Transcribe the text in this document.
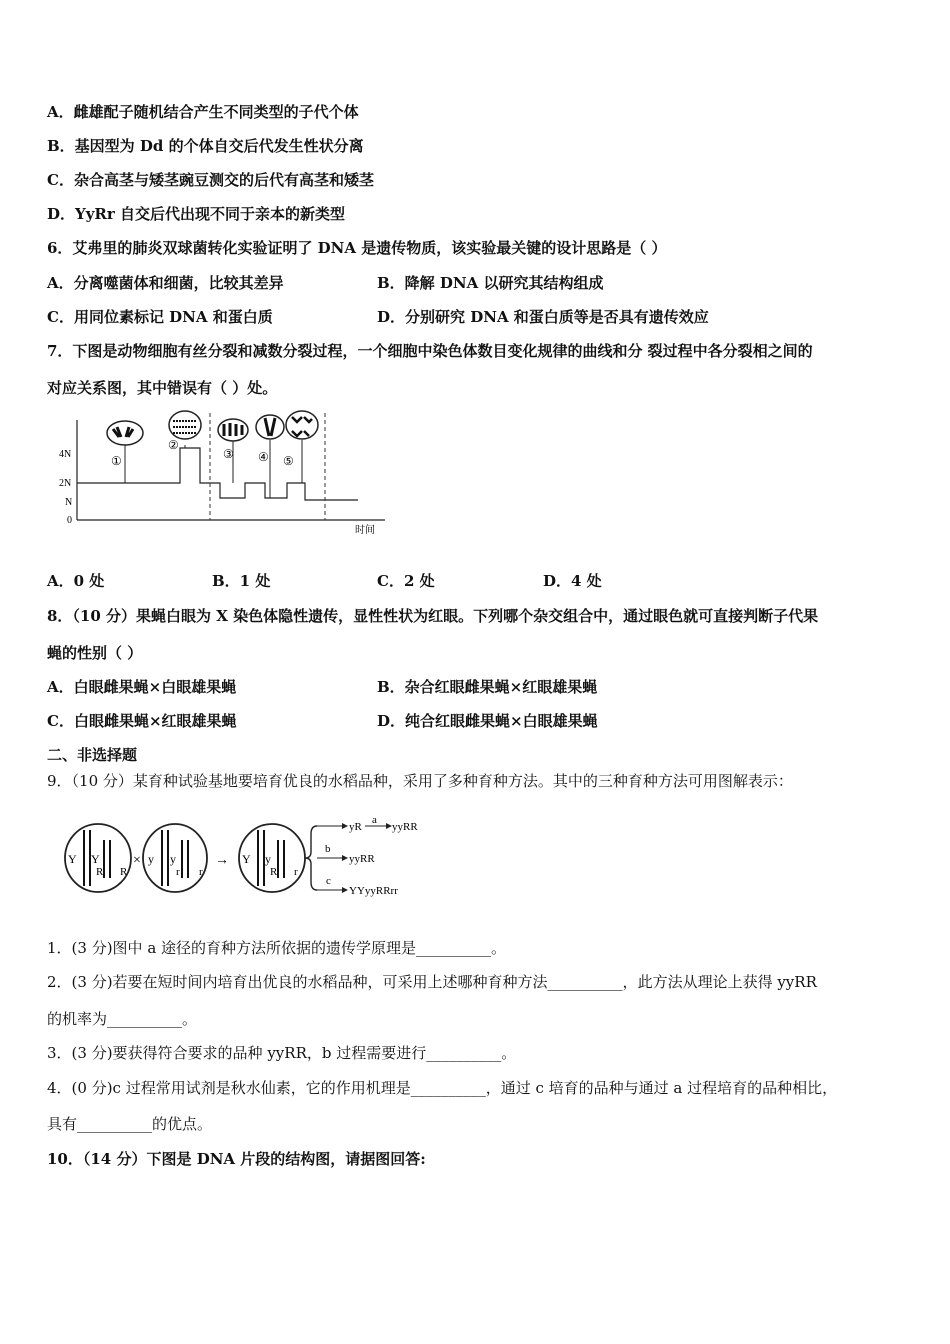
A．雌雄配子随机结合产生不同类型的子代个体
B．基因型为 Dd 的个体自交后代发生性状分离
C．杂合高茎与矮茎豌豆测交的后代有高茎和矮茎
D．YyRr 自交后代出现不同于亲本的新类型
6．艾弗里的肺炎双球菌转化实验证明了 DNA 是遗传物质，该实验最关键的设计思路是（ ）
A．分离噬菌体和细菌，比较其差异	B．降解 DNA 以研究其结构组成
C．用同位素标记 DNA 和蛋白质	D．分别研究 DNA 和蛋白质等是否具有遗传效应
7．下图是动物细胞有丝分裂和减数分裂过程，一个细胞中染色体数目变化规律的曲线和分 裂过程中各分裂相之间的
对应关系图，其中错误有（ ）处。
4N
2N
N
0
时间
①
②
③ ④ ⑤
A．0 处	B．1 处	C．2 处	D．4 处
8．（10 分）果蝇白眼为 X 染色体隐性遗传，显性性状为红眼。下列哪个杂交组合中，通过眼色就可直接判断子代果
蝇的性别（ ）
A．白眼雌果蝇×白眼雄果蝇	B．杂合红眼雌果蝇×红眼雄果蝇
C．白眼雌果蝇×红眼雄果蝇	D．纯合红眼雌果蝇×白眼雄果蝇
二、非选择题
9．（10 分）某育种试验基地要培育优良的水稻品种，采用了多种育种方法。其中的三种育种方法可用图解表示：
Y Y
R R
× y y
r r
→ Y y
R r
yR
a
yyRR
b
yyRR
c
YYyyRRrr
1．(3 分)图中 a 途径的育种方法所依据的遗传学原理是__________。
2．(3 分)若要在短时间内培育出优良的水稻品种，可采用上述哪种育种方法__________，此方法从理论上获得 yyRR
的机率为__________。
3．(3 分)要获得符合要求的品种 yyRR，b 过程需要进行__________。
4．(0 分)c 过程常用试剂是秋水仙素，它的作用机理是__________，通过 c 培育的品种与通过 a 过程培育的品种相比，
具有__________的优点。
10．（14 分）下图是 DNA 片段的结构图，请据图回答:
